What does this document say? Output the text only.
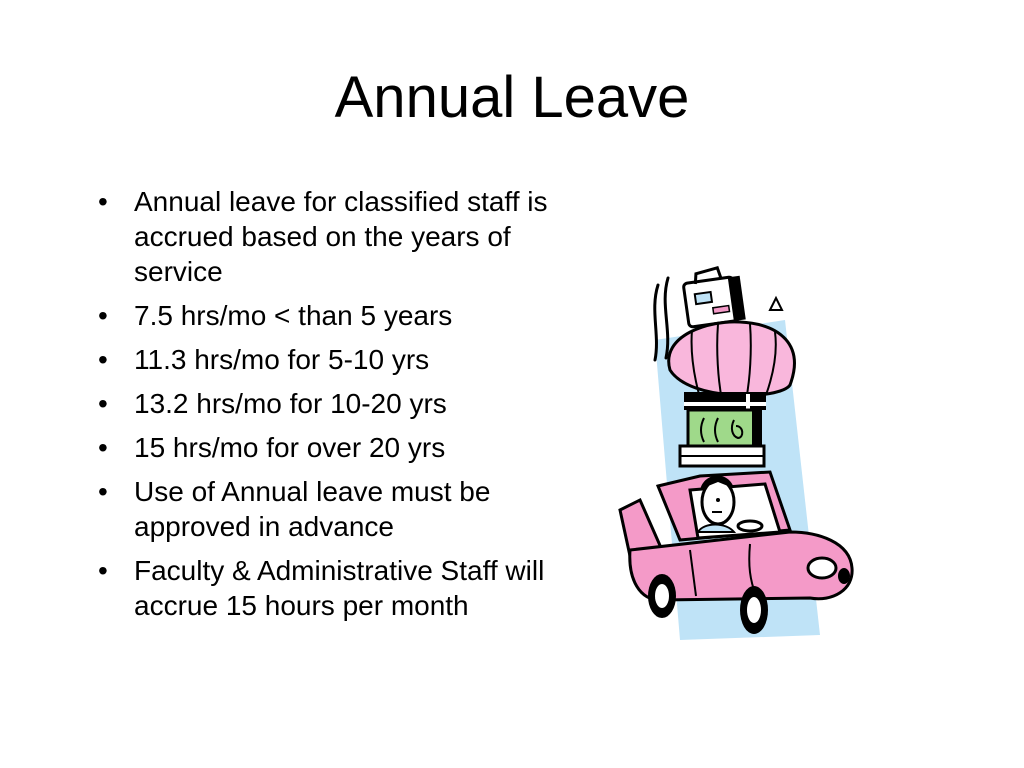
Annual Leave
• Annual leave for classified staff is accrued based on the years of service
• 7.5 hrs/mo < than 5 years
• 11.3 hrs/mo for 5-10 yrs
• 13.2 hrs/mo for 10-20 yrs
• 15 hrs/mo for over 20 yrs
• Use of Annual leave must be approved in advance
• Faculty & Administrative Staff will accrue 15 hours per month
